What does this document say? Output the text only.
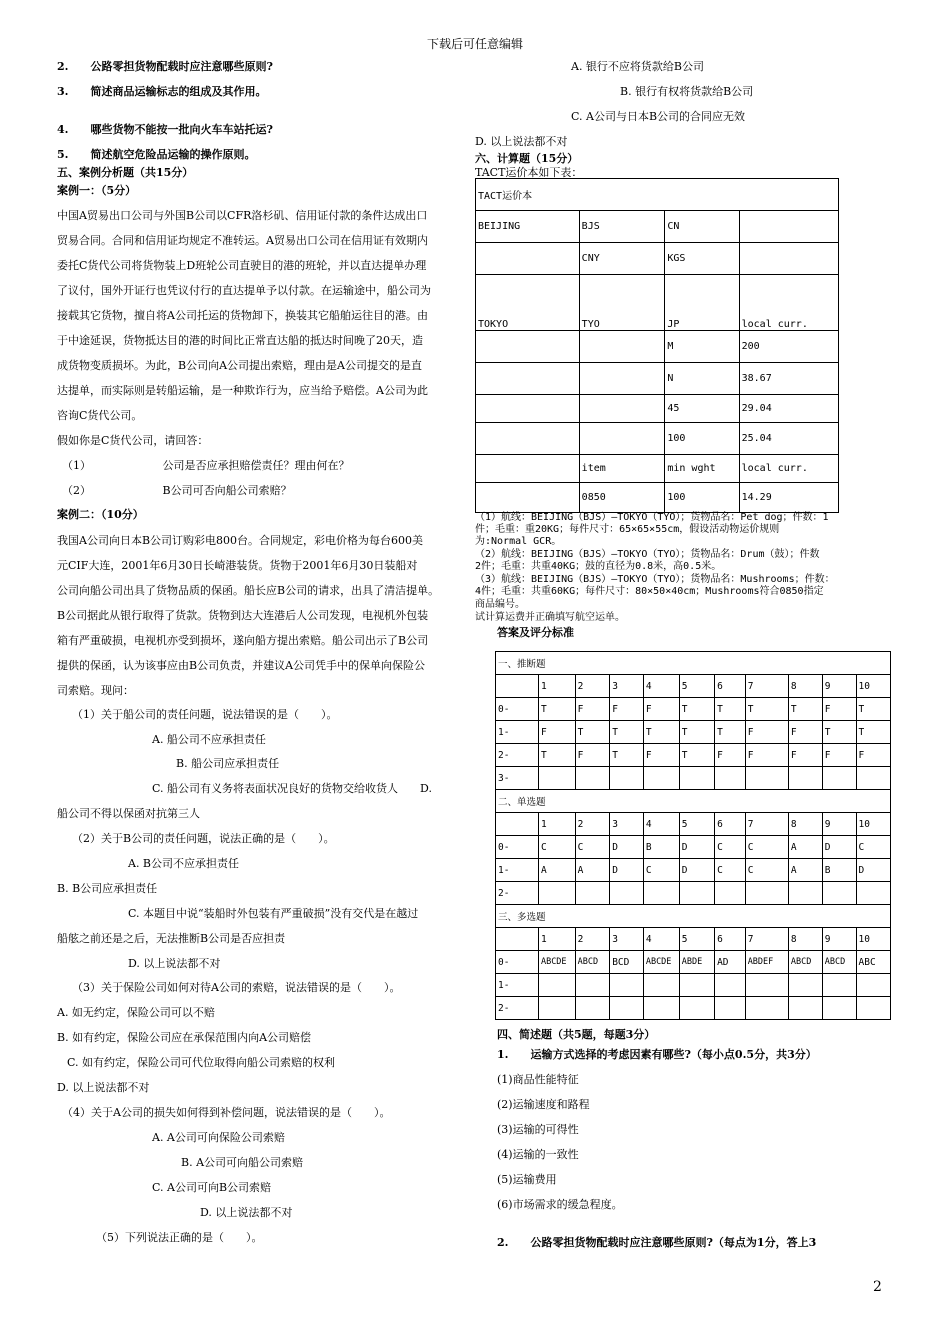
下载后可任意编辑
2.　　公路零担货物配载时应注意哪些原则?
3.　　简述商品运输标志的组成及其作用。
4.　　哪些货物不能按一批向火车车站托运?
5.　　简述航空危险品运输的操作原则。
五、案例分析题（共15分）
案例一：（5分）
中国A贸易出口公司与外国B公司以CFR洛杉矶、信用证付款的条件达成出口
贸易合同。合同和信用证均规定不准转运。A贸易出口公司在信用证有效期内
委托C货代公司将货物装上D班轮公司直驶目的港的班轮，并以直达提单办理
了议付，国外开证行也凭议付行的直达提单予以付款。在运输途中，船公司为
接载其它货物，擅自将A公司托运的货物卸下，换装其它船舶运往目的港。由
于中途延误，货物抵达目的港的时间比正常直达船的抵达时间晚了20天，造
成货物变质损坏。为此，B公司向A公司提出索赔，理由是A公司提交的是直
达提单，而实际则是转船运输，是一种欺诈行为，应当给予赔偿。A公司为此
咨询C货代公司。
假如你是C货代公司，请回答：
（1）　　　　　　　公司是否应承担赔偿责任？理由何在？
（2）　　　　　　　B公司可否向船公司索赔？
案例二：（10分）
我国A公司向日本B公司订购彩电800台。合同规定，彩电价格为每台600美
元CIF大连，2001年6月30日长崎港装货。货物于2001年6月30日装船对
公司向船公司出具了货物品质的保函。船长应B公司的请求，出具了清洁提单。
B公司据此从银行取得了货款。货物到达大连港后人公司发现，电视机外包装
箱有严重破损，电视机亦受到损坏，遂向船方提出索赔。船公司出示了B公司
提供的保函，认为该事应由B公司负责，并建议A公司凭手中的保单向保险公
司索赔。现问：
（1）关于船公司的责任问题，说法错误的是（　　）。
A. 船公司不应承担责任
B. 船公司应承担责任
C. 船公司有义务将表面状况良好的货物交给收货人　　D.
船公司不得以保函对抗第三人
（2）关于B公司的责任问题，说法正确的是（　　）。
A. B公司不应承担责任
B. B公司应承担责任
C. 本题目中说“装船时外包装有严重破损”没有交代是在越过
船舷之前还是之后，无法推断B公司是否应担责
D. 以上说法都不对
（3）关于保险公司如何对待A公司的索赔，说法错误的是（　　）。
A. 如无约定，保险公司可以不赔
B. 如有约定，保险公司应在承保范围内向A公司赔偿
C. 如有约定，保险公司可代位取得向船公司索赔的权利
D. 以上说法都不对
（4）关于A公司的损失如何得到补偿问题，说法错误的是（　　）。
A. A公司可向保险公司索赔
B. A公司可向船公司索赔
C. A公司可向B公司索赔
D. 以上说法都不对
（5）下列说法正确的是（　　）。
A. 银行不应将货款给B公司
B. 银行有权将货款给B公司
C. A公司与日本B公司的合同应无效
D. 以上说法都不对
六、计算题（15分）
TACT运价本如下表：
（1）航线：BEIJING（BJS）—TOKYO（TYO）；货物品名：Pet dog；件数：1
件；毛重：重20KG；每件尺寸：65×65×55cm，假设活动物运价规则
为:Normal GCR。
（2）航线：BEIJING（BJS）—TOKYO（TYO）；货物品名：Drum（鼓）；件数
2件；毛重：共重40KG；鼓的直径为0.8米，高0.5米。
（3）航线：BEIJING（BJS）—TOKYO（TYO）；货物品名：Mushrooms；件数：
4件；毛重：共重60KG；每件尺寸：80×50×40cm；Mushrooms符合0850指定
商品编号。
试计算运费并正确填写航空运单。
答案及评分标准
四、简述题（共5题，每题3分）
1.　　运输方式选择的考虑因素有哪些?（每小点0.5分，共3分）
(1)商品性能特征
(2)运输速度和路程
(3)运输的可得性
(4)运输的一致性
(5)运输费用
(6)市场需求的缓急程度。
2.　　公路零担货物配载时应注意哪些原则?（每点为1分，答上3
TACT运价本			
BEIJING	BJS	CN	
	CNY	KGS	
TOKYO	TYO	JP	local curr.
		M	200
		N	38.67
		45	29.04
		100	25.04
	item	min wght	local curr.
	0850	100	14.29
一、推断题										
	1	2	3	4	5	6	7	8	9	10
0-	T	F	F	F	T	T	T	T	F	T
1-	F	T	T	T	T	T	F	F	T	T
2-	T	F	T	F	T	F	F	F	F	F
3-										
二、单选题										
	1	2	3	4	5	6	7	8	9	10
0-	C	C	D	B	D	C	C	A	D	C
1-	A	A	D	C	D	C	C	A	B	D
2-										
三、多选题										
	1	2	3	4	5	6	7	8	9	10
0-	ABCDE	ABCD	BCD	ABCDE	ABDE	AD	ABDEF	ABCD	ABCD	ABC
1-										
2-										
2
